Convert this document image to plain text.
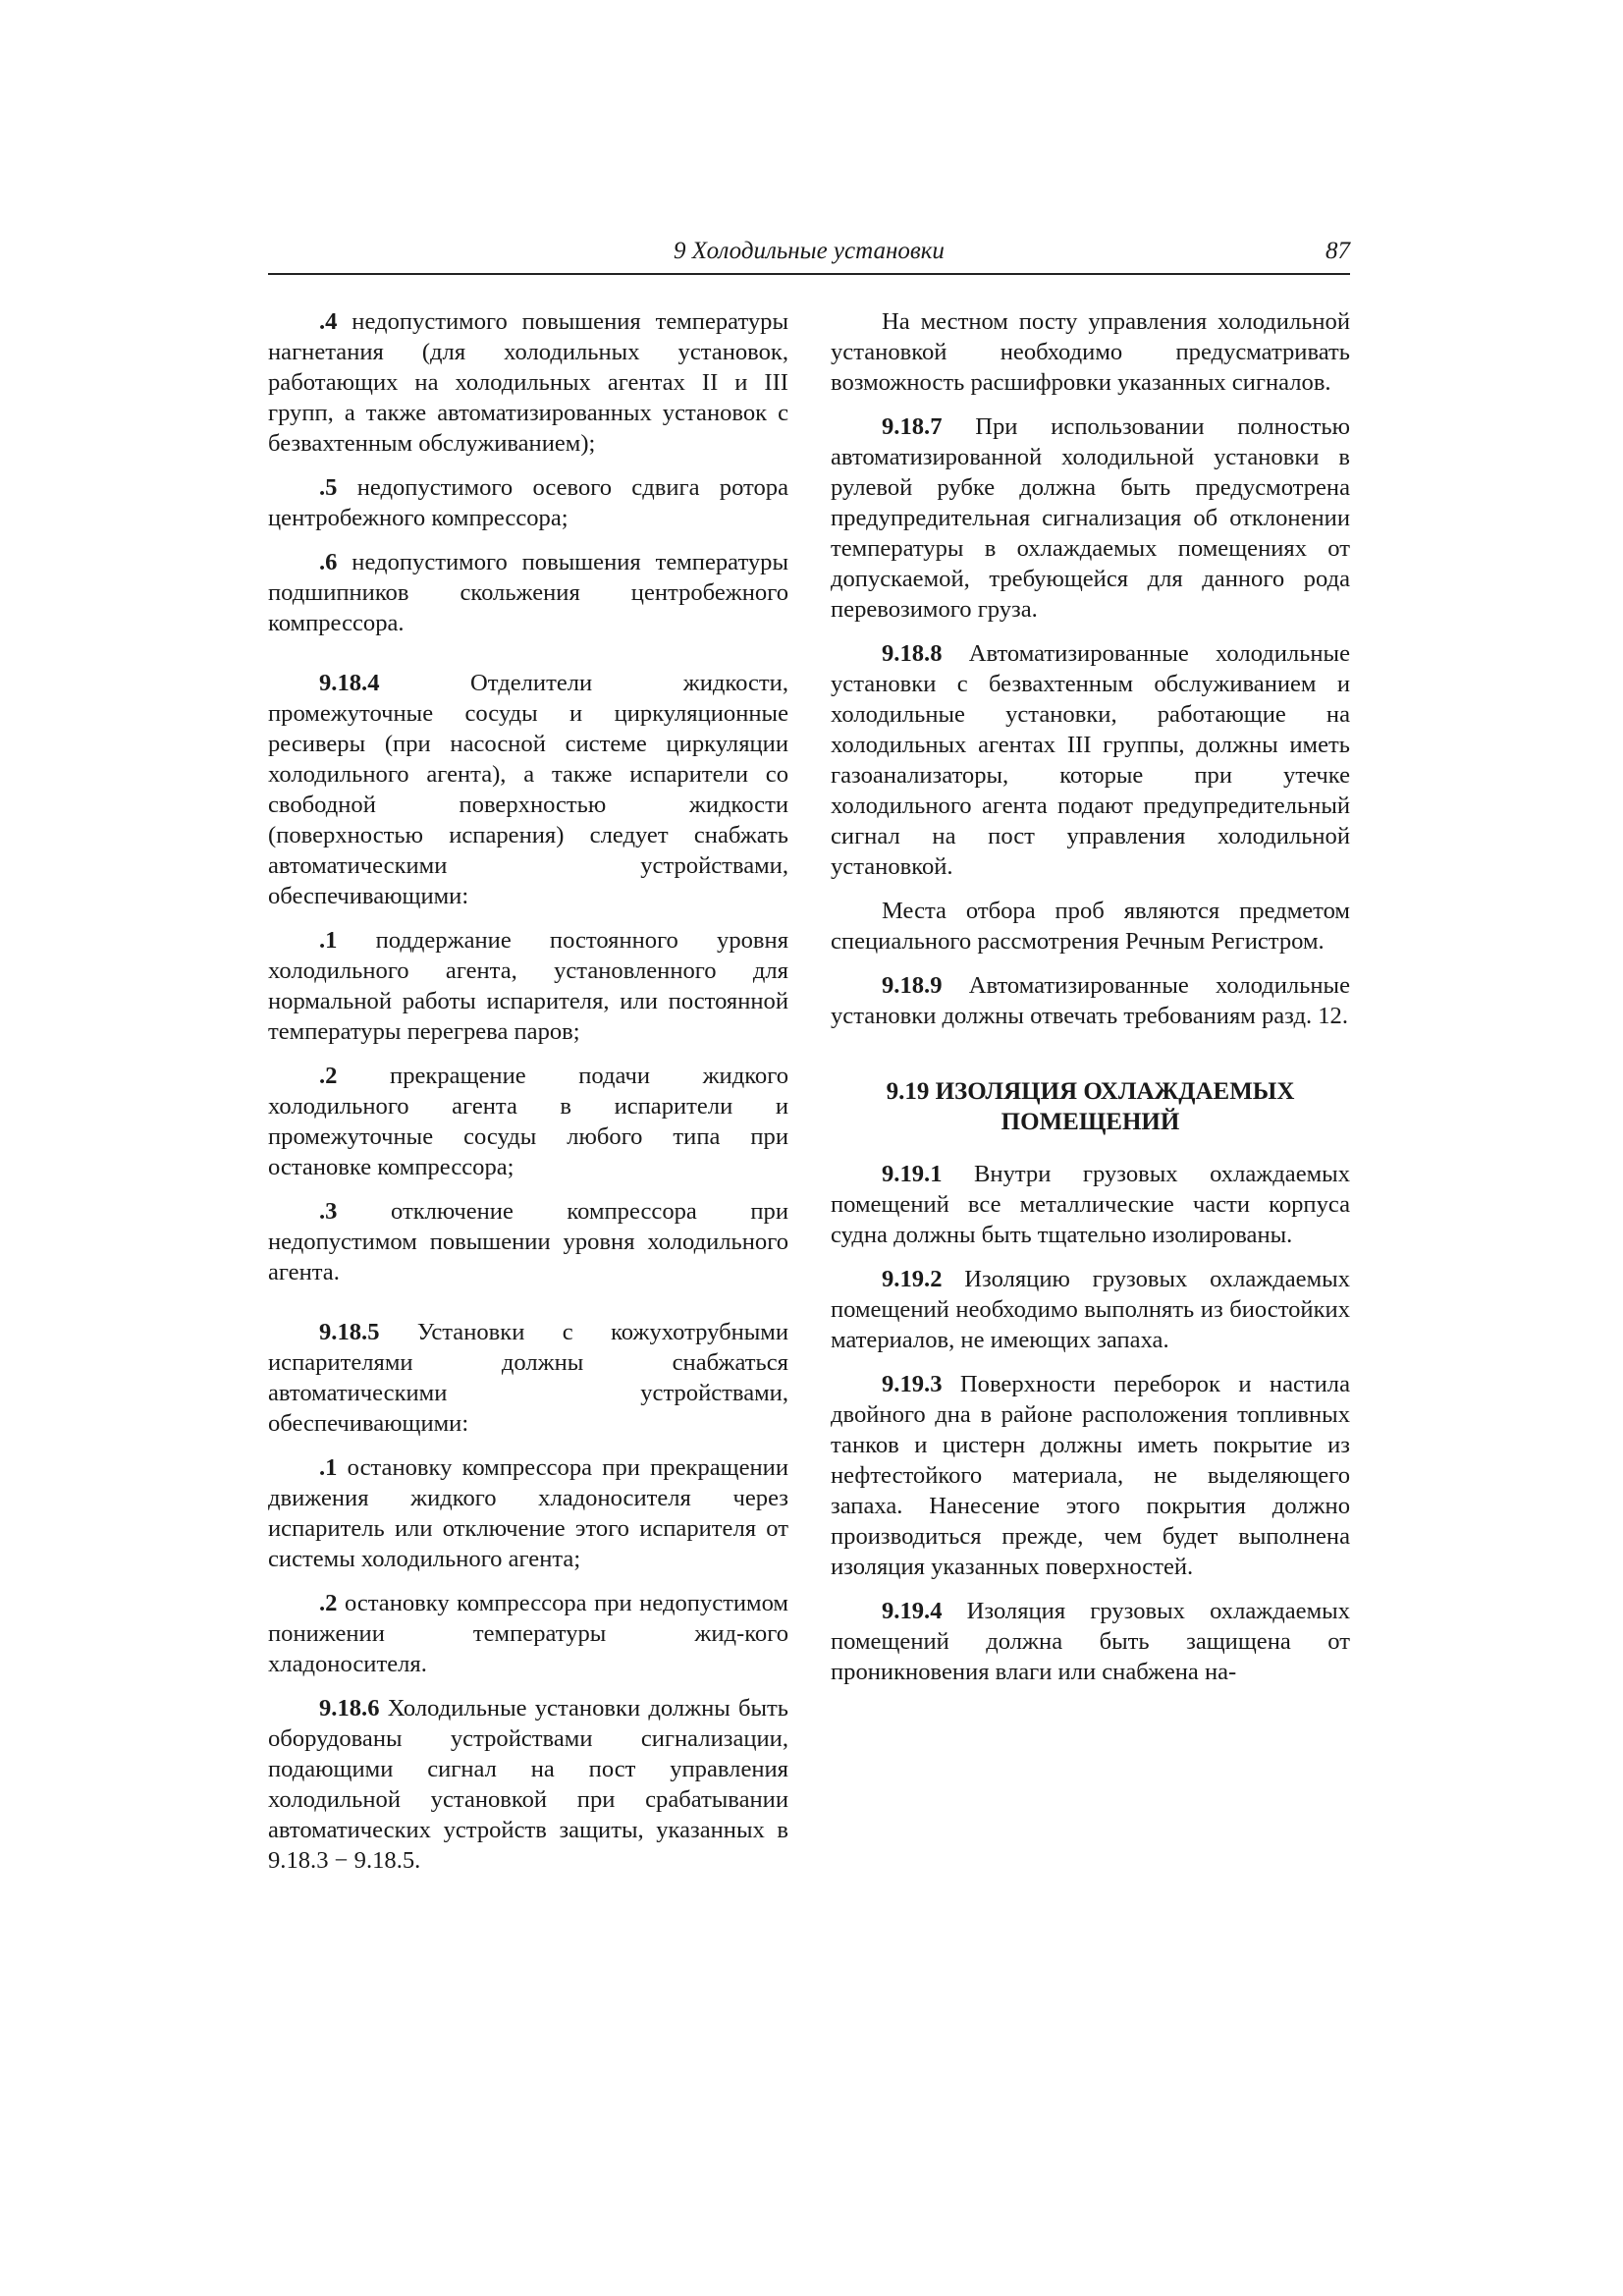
9 Холодильные установки	87

.4 недопустимого повышения температуры нагнетания (для холодильных установок, работающих на холодильных агентах II и III групп, а также автоматизированных установок с безвахтенным обслуживанием);

.5 недопустимого осевого сдвига ротора центробежного компрессора;

.6 недопустимого повышения температуры подшипников скольжения центробежного компрессора.

9.18.4 Отделители жидкости, промежуточные сосуды и циркуляционные ресиверы (при насосной системе циркуляции холодильного агента), а также испарители со свободной поверхностью жидкости (поверхностью испарения) следует снабжать автоматическими устройствами, обеспечивающими:

.1 поддержание постоянного уровня холодильного агента, установленного для нормальной работы испарителя, или постоянной температуры перегрева паров;

.2 прекращение подачи жидкого холодильного агента в испарители и промежуточные сосуды любого типа при остановке компрессора;

.3 отключение компрессора при недопустимом повышении уровня холодильного агента.

9.18.5 Установки с кожухотрубными испарителями должны снабжаться автоматическими устройствами, обеспечивающими:

.1 остановку компрессора при прекращении движения жидкого хладоносителя через испаритель или отключение этого испарителя от системы холодильного агента;

.2 остановку компрессора при недопустимом понижении температуры жид-кого хладоносителя.

9.18.6 Холодильные установки должны быть оборудованы устройствами сигнализации, подающими сигнал на пост управления холодильной установкой при срабатывании автоматических устройств защиты, указанных в 9.18.3 − 9.18.5.

На местном посту управления холодильной установкой необходимо предусматривать возможность расшифровки указанных сигналов.

9.18.7 При использовании полностью автоматизированной холодильной установки в рулевой рубке должна быть предусмотрена предупредительная сигнализация об отклонении температуры в охлаждаемых помещениях от допускаемой, требующейся для данного рода перевозимого груза.

9.18.8 Автоматизированные холодильные установки с безвахтенным обслуживанием и холодильные установки, работающие на холодильных агентах III группы, должны иметь газоанализаторы, которые при утечке холодильного агента подают предупредительный сигнал на пост управления холодильной установкой.

Места отбора проб являются предметом специального рассмотрения Речным Регистром.

9.18.9 Автоматизированные холодильные установки должны отвечать требованиям разд. 12.

9.19 ИЗОЛЯЦИЯ ОХЛАЖДАЕМЫХ
ПОМЕЩЕНИЙ

9.19.1 Внутри грузовых охлаждаемых помещений все металлические части корпуса судна должны быть тщательно изолированы.

9.19.2 Изоляцию грузовых охлаждаемых помещений необходимо выполнять из биостойких материалов, не имеющих запаха.

9.19.3 Поверхности переборок и настила двойного дна в районе расположения топливных танков и цистерн должны иметь покрытие из нефтестойкого материала, не выделяющего запаха. Нанесение этого покрытия должно производиться прежде, чем будет выполнена изоляция указанных поверхностей.

9.19.4 Изоляция грузовых охлаждаемых помещений должна быть защищена от проникновения влаги или снабжена на-
